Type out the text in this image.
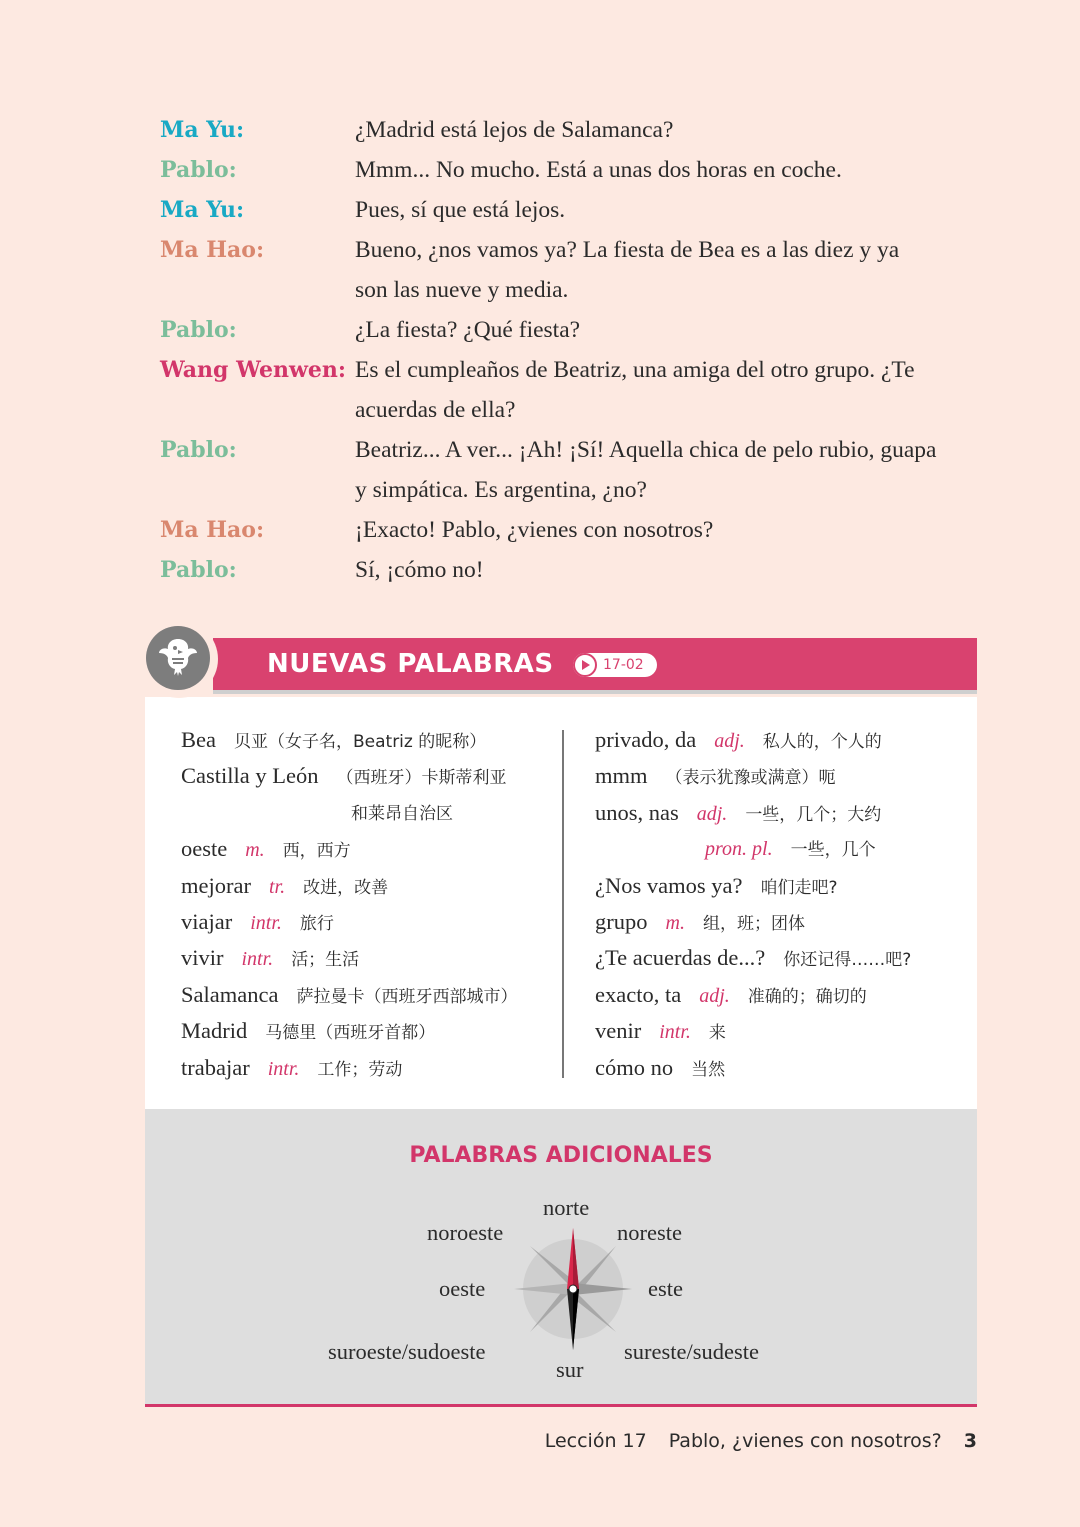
Ma Yu:	¿Madrid está lejos de Salamanca?
Pablo:	Mmm... No mucho. Está a unas dos horas en coche.
Ma Yu:	Pues, sí que está lejos.
Ma Hao:	Bueno, ¿nos vamos ya? La fiesta de Bea es a las diez y ya
son las nueve y media.
Pablo:	¿La fiesta? ¿Qué fiesta?
Wang Wenwen: Es el cumpleaños de Beatriz, una amiga del otro grupo. ¿Te
acuerdas de ella?
Pablo:	Beatriz... A ver... ¡Ah! ¡Sí! Aquella chica de pelo rubio, guapa
y simpática. Es argentina, ¿no?
Ma Hao:	¡Exacto! Pablo, ¿vienes con nosotros?
Pablo:	Sí, ¡cómo no!
NUEVAS PALABRAS	17-02
Bea 贝亚（女子名，Beatriz 的昵称）
Castilla y León （西班牙）卡斯蒂利亚
和莱昂自治区
oeste m. 西，西方
mejorar tr. 改进，改善
viajar intr. 旅行
vivir intr. 活；生活
Salamanca 萨拉曼卡（西班牙西部城市）
Madrid 马德里（西班牙首都）
trabajar intr. 工作；劳动
privado, da adj. 私人的，个人的
mmm （表示犹豫或满意）呃
unos, nas adj. 一些，几个；大约
pron. pl. 一些，几个
¿Nos vamos ya? 咱们走吧?
grupo m. 组，班；团体
¿Te acuerdas de...? 你还记得……吧?
exacto, ta adj. 准确的；确切的
venir intr. 来
cómo no 当然
PALABRAS ADICIONALES
norte
noroeste	noreste
oeste	este
suroeste/sudoeste	sureste/sudeste
sur
Lección 17 Pablo, ¿vienes con nosotros? 3
